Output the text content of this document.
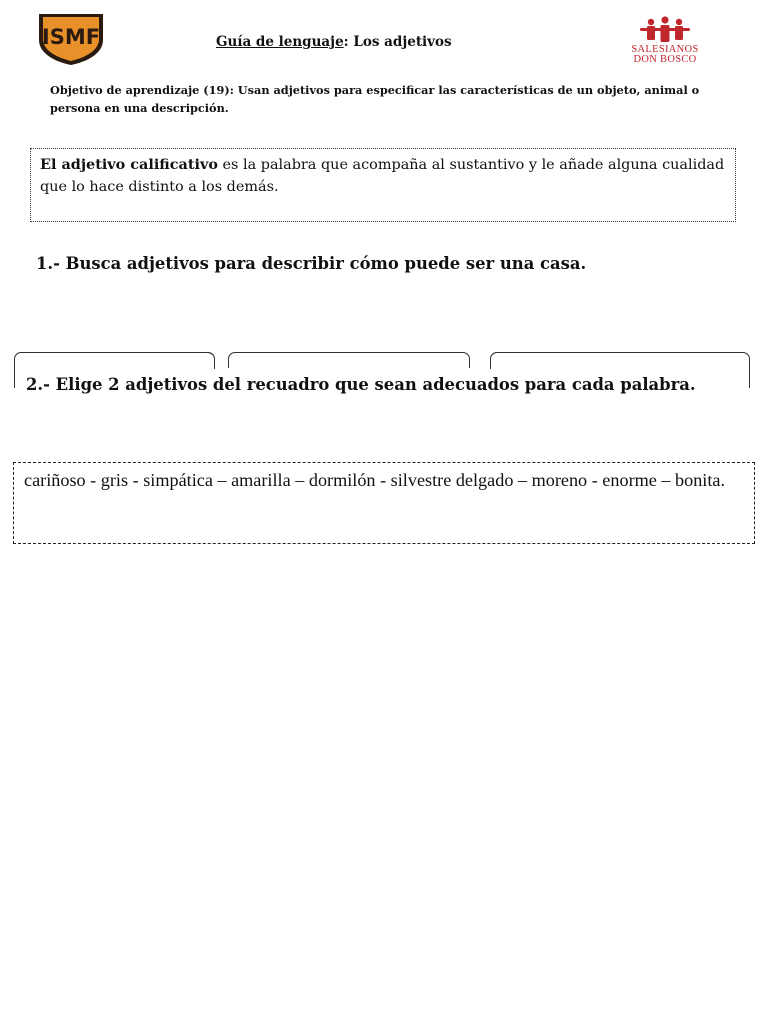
ISMF	Guía de lenguaje: Los adjetivos	SALESIANOS
DON BOSCO
Objetivo de aprendizaje (19): Usan adjetivos para especificar las características de un objeto, animal o persona en una descripción.
El adjetivo calificativo es la palabra que acompaña al sustantivo y le añade alguna cualidad que lo hace distinto a los demás.
1.- Busca adjetivos para describir cómo puede ser una casa.
2.- Elige 2 adjetivos del recuadro que sean adecuados para cada palabra.
cariñoso - gris - simpática – amarilla – dormilón - silvestre delgado – moreno - enorme – bonita.
